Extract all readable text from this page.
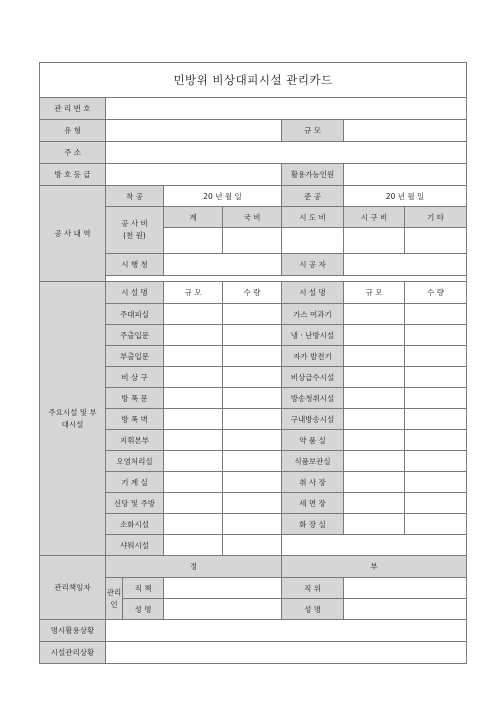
민방위 비상대피시설 관리카드							
관 리 번 호							
유 형					규 모		
주 소							
방 호 등 급					활용가능인원		
공 사 내 역	착 공		20 년 월 일		준 공	20 년 월 일	
	공 사 비
(천 원)		계	국 비	시 도 비	시 구 비	기 타

	시 행 청				시 공 자		

주요시설 및 부대시설	시 설 명		규 모	수 량	시 설 명	규 모	수 량
	주대피실				가스 여과기		
	주출입문				냉 · 난방시설		
	부출입문				자가 발전기		
	비 상 구				비상급수시설		
	방 폭 문				방송청취시설		
	방 폭 벽				구내방송시설		
	지휘본부				약 품 실		
	오염처리실				식품보관실		
	기 계 실				취 사 장		
	신당 및 주방				세 면 장		
	소화시설				화 장 실		
	샤워시설						
관리책임자	정				부		
	관리인	직 책			직 위		
		성 명			성 명		
명시활용상황							
시설관리상황							
